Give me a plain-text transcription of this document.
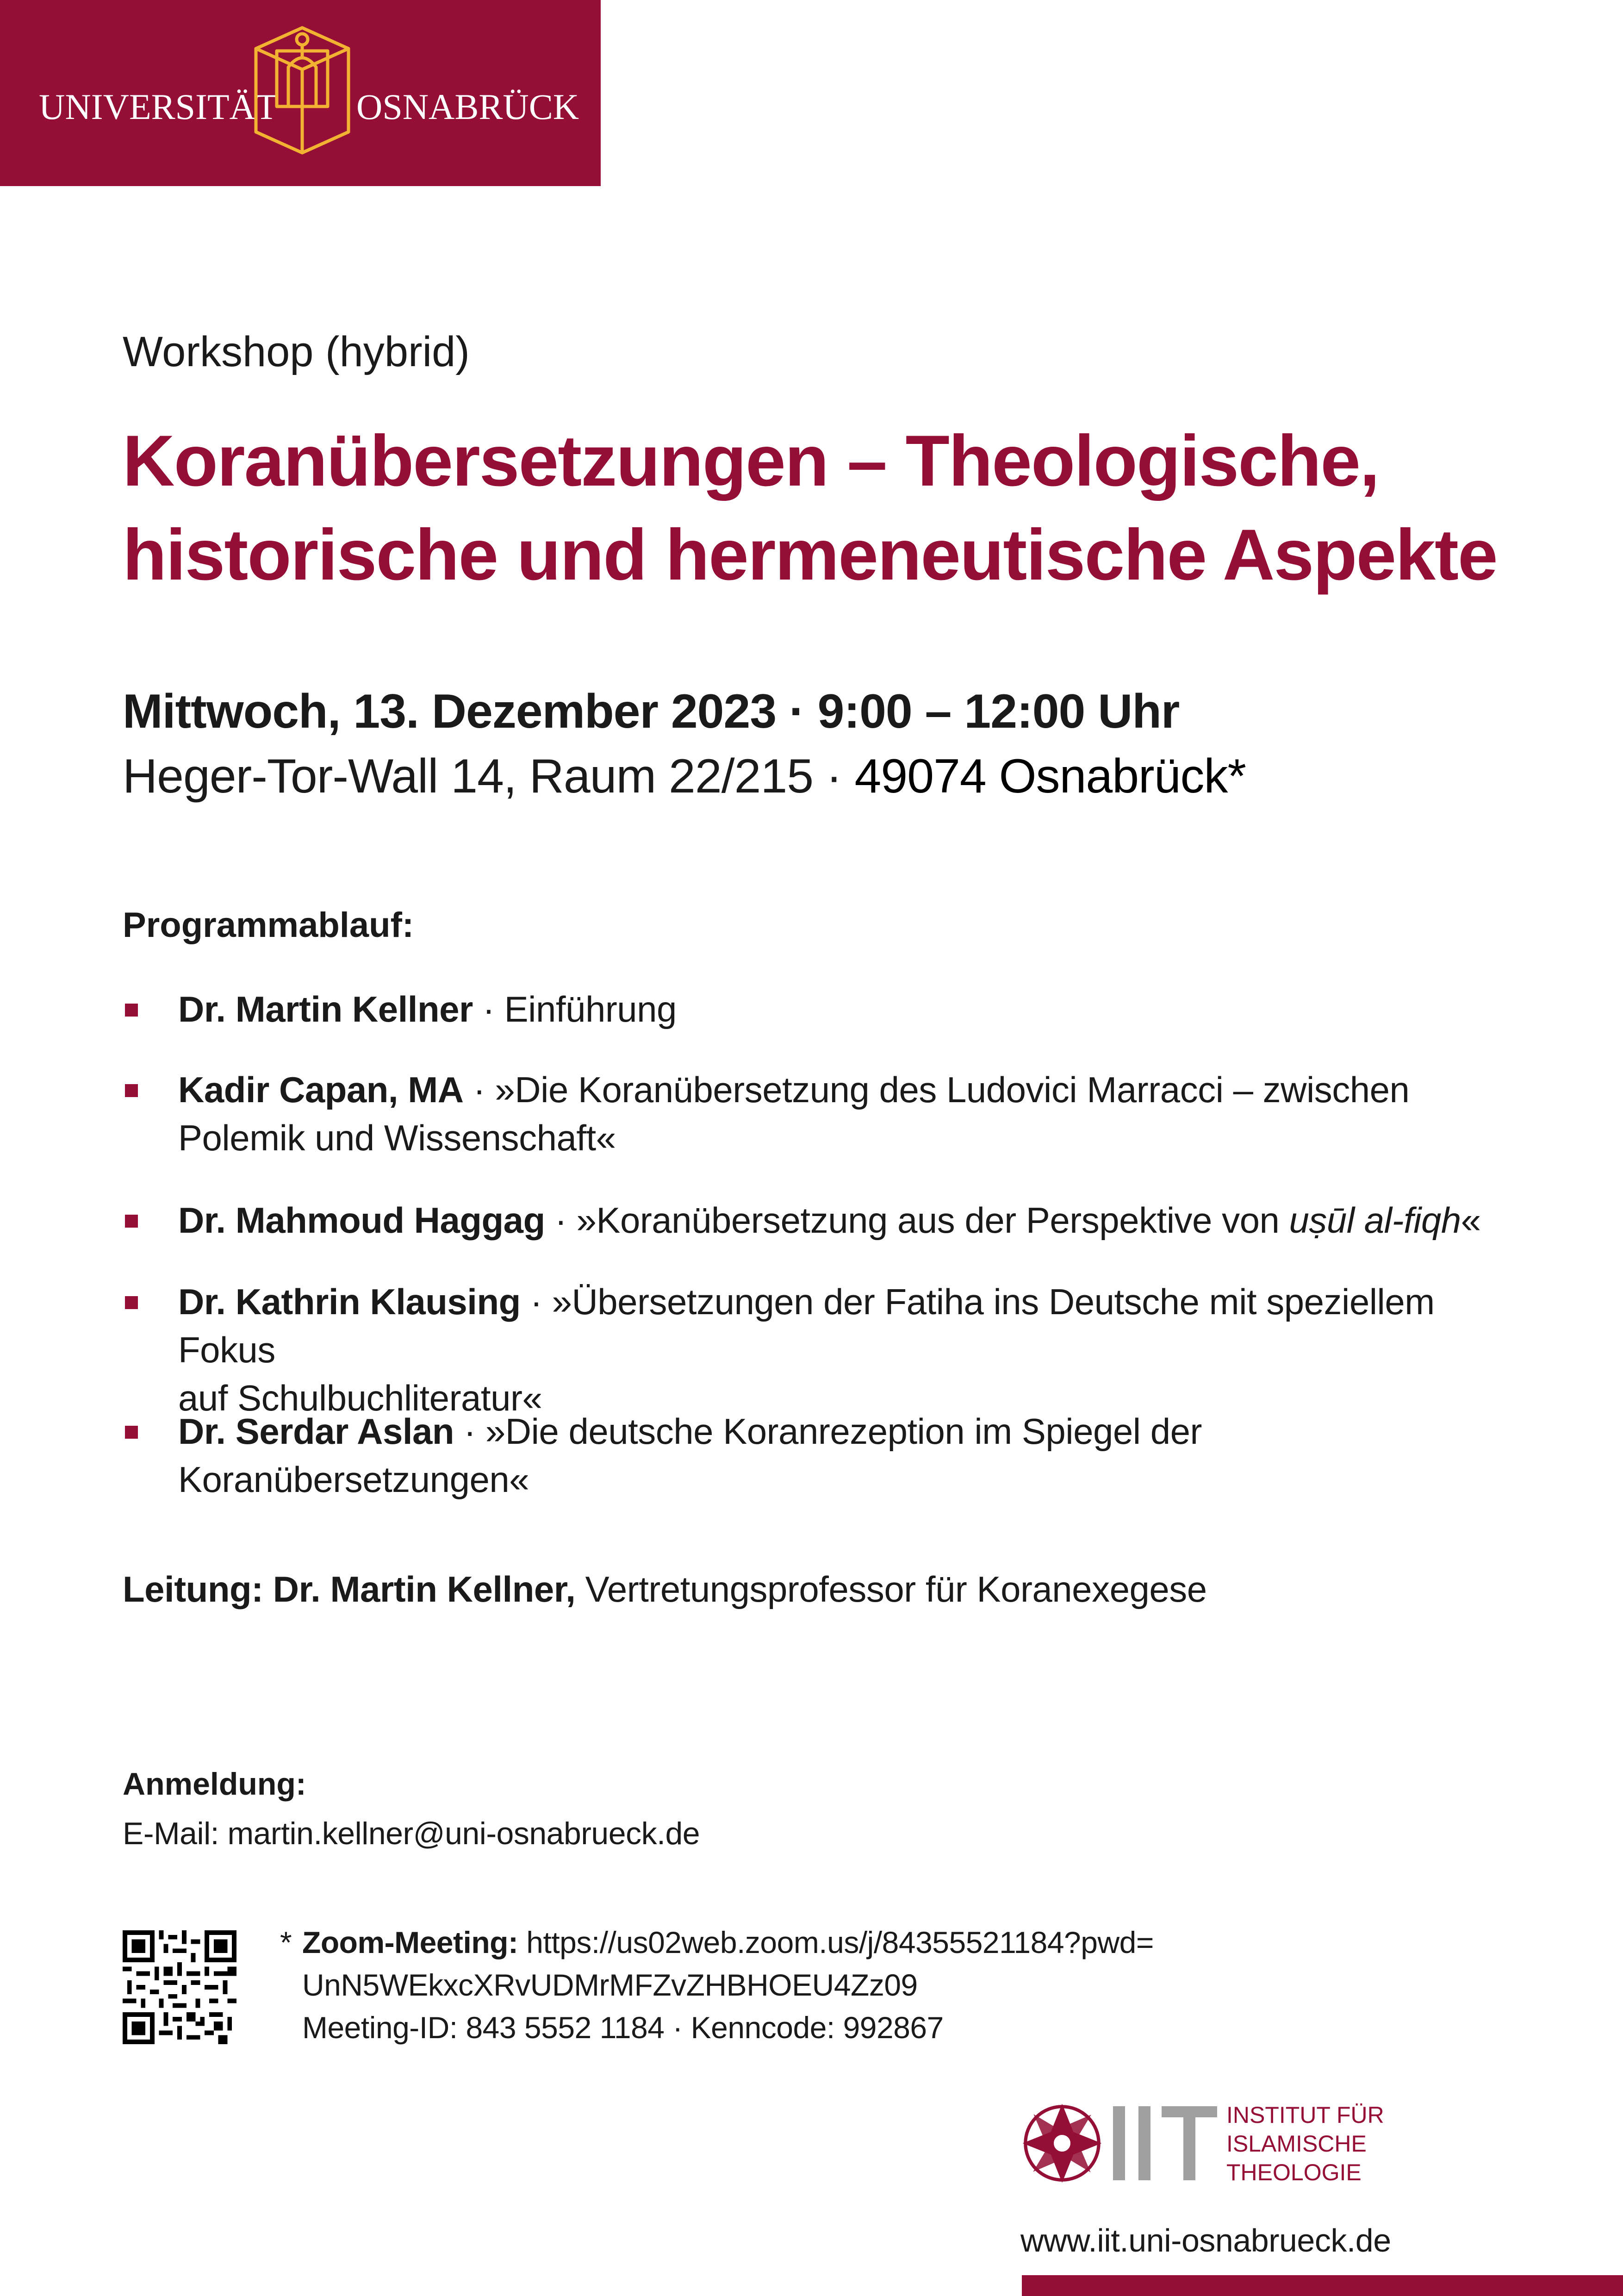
UNIVERSITÄT OSNABRÜCK
Workshop (hybrid)
Koranübersetzungen – Theologische,
historische und hermeneutische Aspekte
Mittwoch, 13. Dezember 2023 · 9:00 – 12:00 Uhr
Heger-Tor-Wall 14, Raum 22/215 · 49074 Osnabrück*
Programmablauf:
Dr. Martin Kellner · Einführung
Kadir Capan, MA · »Die Koranübersetzung des Ludovici Marracci – zwischen
Polemik und Wissenschaft«
Dr. Mahmoud Haggag · »Koranübersetzung aus der Perspektive von uṣūl al-fiqh«
Dr. Kathrin Klausing · »Übersetzungen der Fatiha ins Deutsche mit speziellem Fokus
auf Schulbuchliteratur«
Dr. Serdar Aslan · »Die deutsche Koranrezeption im Spiegel der
Koranübersetzungen«
Leitung: Dr. Martin Kellner, Vertretungsprofessor für Koranexegese
Anmeldung:
E-Mail: martin.kellner@uni-osnabrueck.de
* Zoom-Meeting: https://us02web.zoom.us/j/84355521184?pwd=
UnN5WEkxcXRvUDMrMFZvZHBHOEU4Zz09
Meeting-ID: 843 5552 1184 · Kenncode: 992867
INSTITUT FÜR
ISLAMISCHE
THEOLOGIE
www.iit.uni-osnabrueck.de
